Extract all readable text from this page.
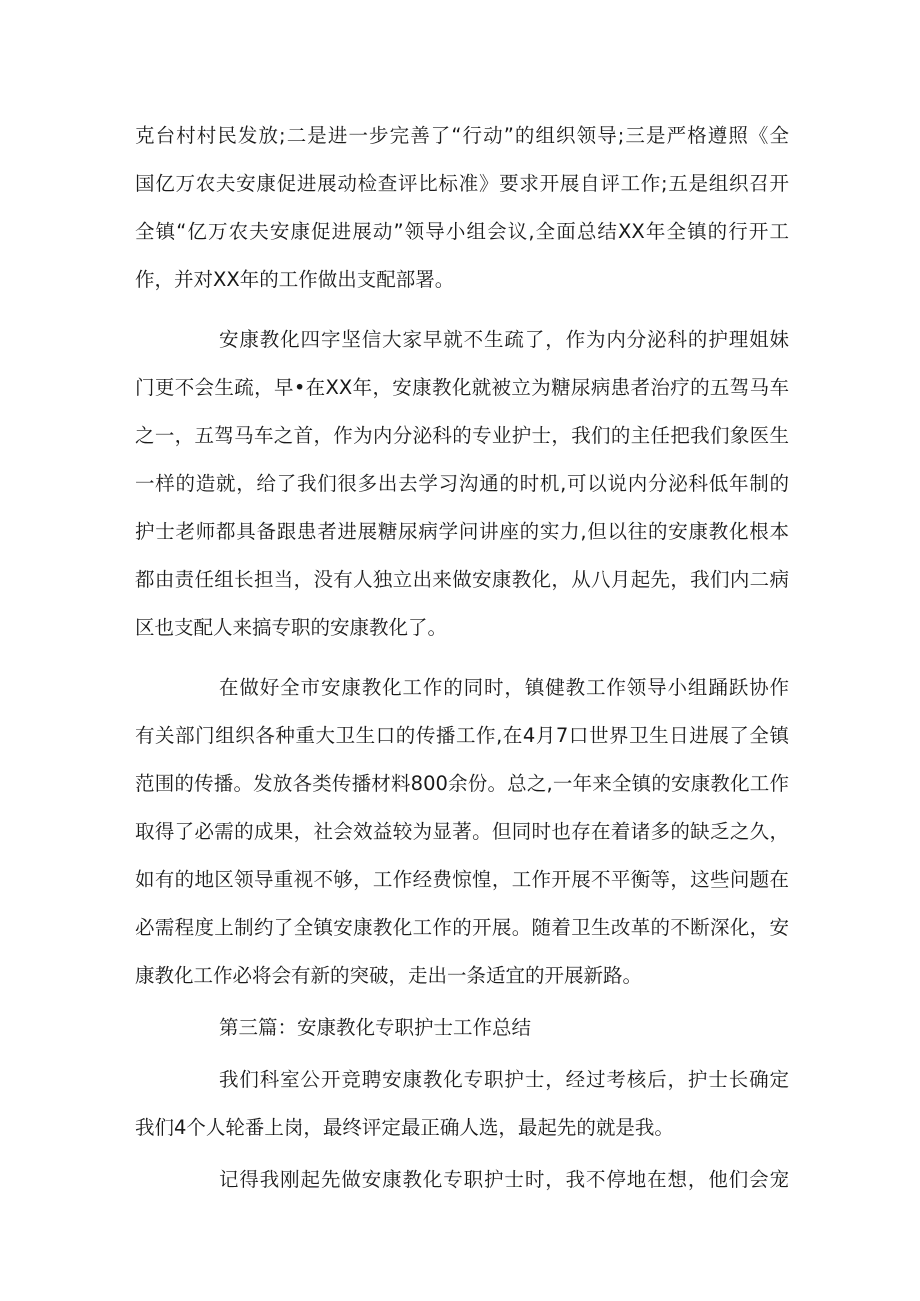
克台村村民发放;二是进一步完善了“行动”的组织领导;三是严格遵照《全
国亿万农夫安康促进展动检查评比标准》要求开展自评工作;五是组织召开
全镇“亿万农夫安康促进展动”领导小组会议,全面总结XX年全镇的行开工
作，并对XX年的工作做出支配部署。
安康教化四字坚信大家早就不生疏了，作为内分泌科的护理姐妹
门更不会生疏，早•在XX年，安康教化就被立为糖尿病患者治疗的五驾马车
之一，五驾马车之首，作为内分泌科的专业护士，我们的主任把我们象医生
一样的造就，给了我们很多出去学习沟通的时机,可以说内分泌科低年制的
护士老师都具备跟患者进展糖尿病学问讲座的实力,但以往的安康教化根本
都由责任组长担当，没有人独立出来做安康教化，从八月起先，我们内二病
区也支配人来搞专职的安康教化了。
在做好全市安康教化工作的同时，镇健教工作领导小组踊跃协作
有关部门组织各种重大卫生口的传播工作,在4月7口世界卫生日进展了全镇
范围的传播。发放各类传播材料800余份。总之,一年来全镇的安康教化工作
取得了必需的成果，社会效益较为显著。但同时也存在着诸多的缺乏之久，
如有的地区领导重视不够，工作经费惊惶，工作开展不平衡等，这些问题在
必需程度上制约了全镇安康教化工作的开展。随着卫生改革的不断深化，安
康教化工作必将会有新的突破，走出一条适宜的开展新路。
第三篇：安康教化专职护士工作总结
我们科室公开竞聘安康教化专职护士，经过考核后，护士长确定
我们4个人轮番上岗，最终评定最正确人选，最起先的就是我。
记得我刚起先做安康教化专职护士时，我不停地在想，他们会宠
